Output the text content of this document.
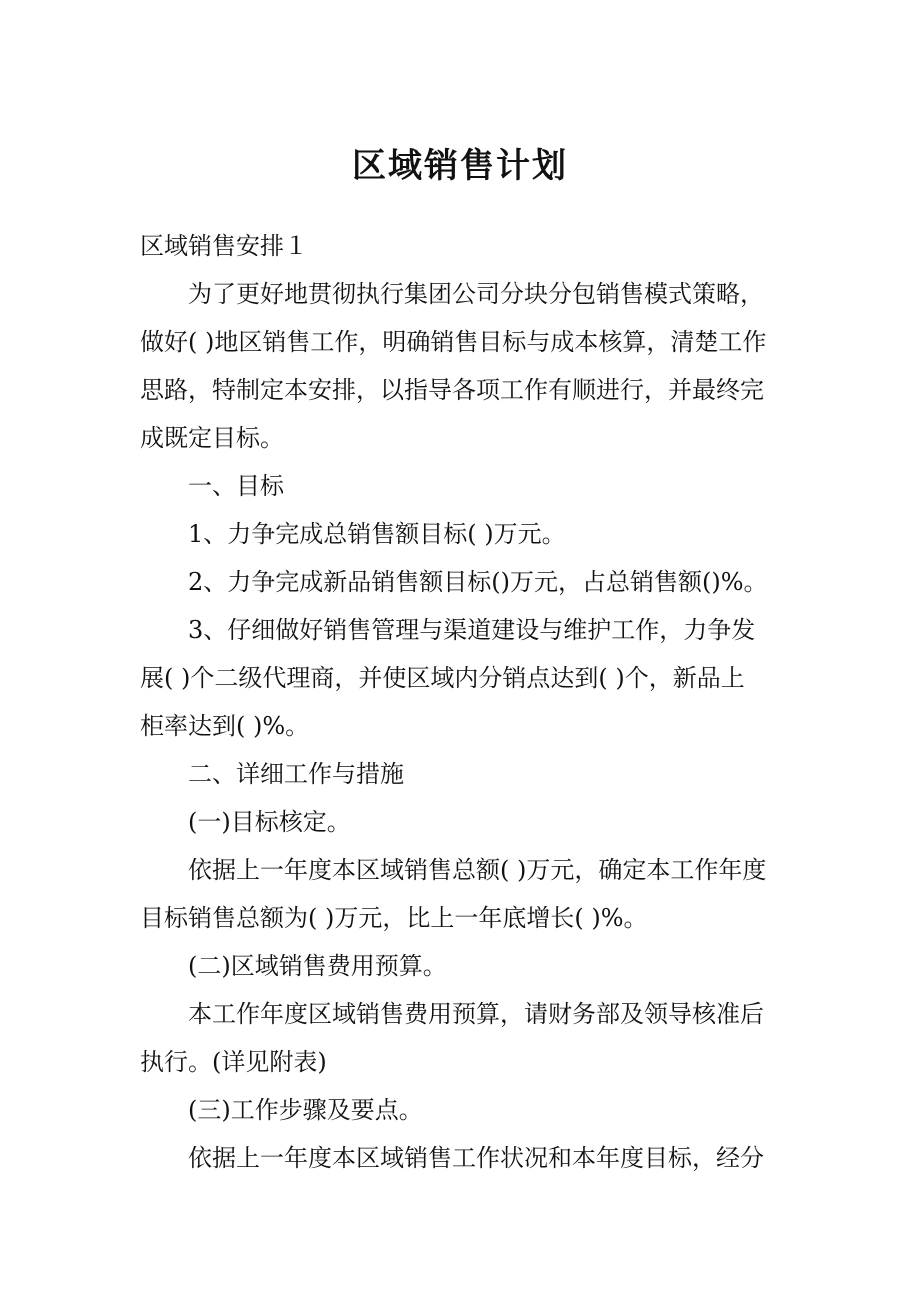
区域销售计划

区域销售安排１

为了更好地贯彻执行集团公司分块分包销售模式策略，
做好( )地区销售工作，明确销售目标与成本核算，清楚工作
思路，特制定本安排，以指导各项工作有顺进行，并最终完
成既定目标。

一、目标

1、力争完成总销售额目标( )万元。

2、力争完成新品销售额目标()万元，占总销售额()%。

3、仔细做好销售管理与渠道建设与维护工作，力争发
展( )个二级代理商，并使区域内分销点达到( )个，新品上
柜率达到( )%。

二、详细工作与措施

(一)目标核定。

依据上一年度本区域销售总额( )万元，确定本工作年度
目标销售总额为( )万元，比上一年底增长( )%。

(二)区域销售费用预算。

本工作年度区域销售费用预算，请财务部及领导核准后
执行。(详见附表)

(三)工作步骤及要点。

依据上一年度本区域销售工作状况和本年度目标，经分
